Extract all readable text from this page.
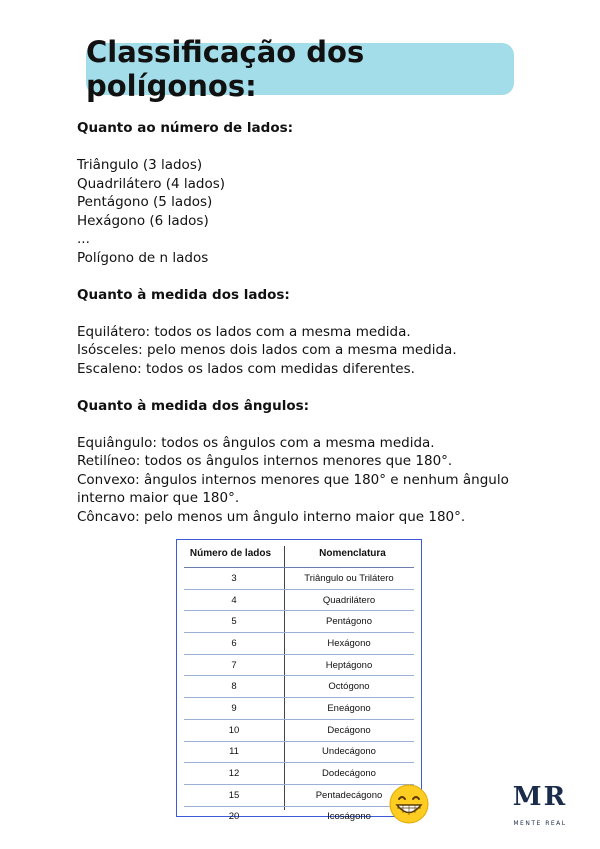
Classificação dos polígonos:

Quanto ao número de lados:

Triângulo (3 lados)

Quadrilátero (4 lados)

Pentágono (5 lados)

Hexágono (6 lados)

...

Polígono de n lados

Quanto à medida dos lados:

Equilátero: todos os lados com a mesma medida.

Isósceles: pelo menos dois lados com a mesma medida.

Escaleno: todos os lados com medidas diferentes.

Quanto à medida dos ângulos:

Equiângulo: todos os ângulos com a mesma medida.

Retilíneo: todos os ângulos internos menores que 180°.

Convexo: ângulos internos menores que 180° e nenhum ângulo

interno maior que 180°.

Côncavo: pelo menos um ângulo interno maior que 180°.

Número de lados	Nomenclatura
3	Triângulo ou Trilátero
4	Quadrilátero
5	Pentágono
6	Hexágono
7	Heptágono
8	Octógono
9	Eneágono
10	Decágono
11	Undecágono
12	Dodecágono
15	Pentadecágono
20	Icoságono
MR
MENTE REAL
